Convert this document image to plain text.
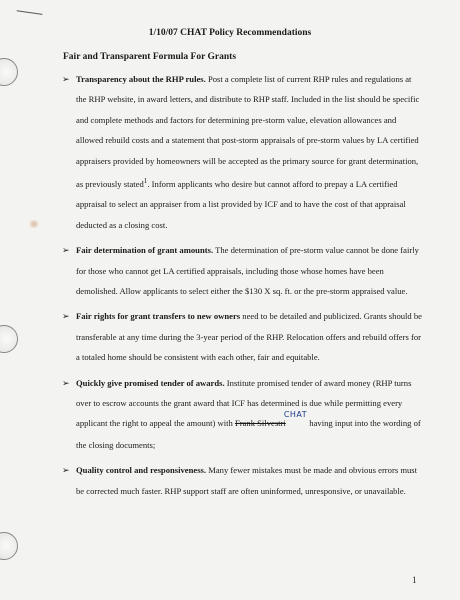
1/10/07 CHAT Policy Recommendations
Fair and Transparent Formula For Grants
➢ Transparency about the RHP rules. Post a complete list of current RHP rules and regulations at the RHP website, in award letters, and distribute to RHP staff. Included in the list should be specific and complete methods and factors for determining pre-storm value, elevation allowances and allowed rebuild costs and a statement that post-storm appraisals of pre-storm values by LA certified appraisers provided by homeowners will be accepted as the primary source for grant determination, as previously stated$^1$. Inform applicants who desire but cannot afford to prepay a LA certified appraisal to select an appraiser from a list provided by ICF and to have the cost of that appraisal deducted as a closing cost.
➢ Fair determination of grant amounts. The determination of pre-storm value cannot be done fairly for those who cannot get LA certified appraisals, including those whose homes have been demolished. Allow applicants to select either the $130 X sq. ft. or the pre-storm appraised value.
➢ Fair rights for grant transfers to new owners need to be detailed and publicized. Grants should be transferable at any time during the 3-year period of the RHP. Relocation offers and rebuild offers for a totaled home should be consistent with each other, fair and equitable.
➢ Quickly give promised tender of awards. Institute promised tender of award money (RHP turns over to escrow accounts the grant award that ICF has determined is due while permitting every applicant the right to appeal the amount) with Frank SilvestriCHAT having input into the wording of the closing documents;
➢ Quality control and responsiveness. Many fewer mistakes must be made and obvious errors must be corrected much faster. RHP support staff are often uninformed, unresponsive, or unavailable.
1
